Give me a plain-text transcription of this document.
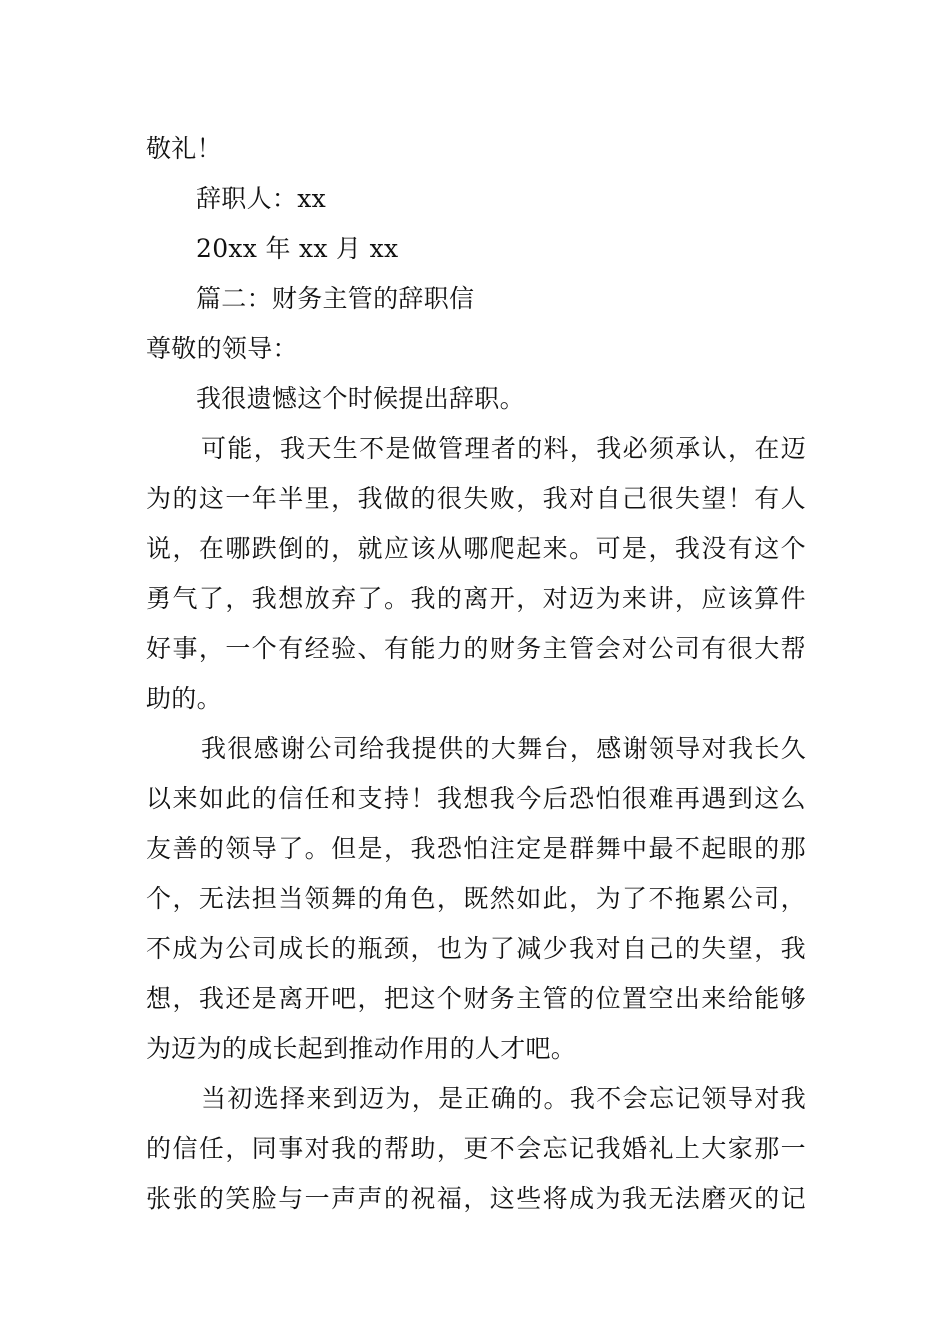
敬礼！

辞职人：xx

20xx 年 xx 月 xx

篇二：财务主管的辞职信

尊敬的领导：

我很遗憾这个时候提出辞职。

可能，我天生不是做管理者的料，我必须承认，在迈

为的这一年半里，我做的很失败，我对自己很失望！有人

说，在哪跌倒的，就应该从哪爬起来。可是，我没有这个

勇气了，我想放弃了。我的离开，对迈为来讲，应该算件

好事，一个有经验、有能力的财务主管会对公司有很大帮

助的。

我很感谢公司给我提供的大舞台，感谢领导对我长久

以来如此的信任和支持！我想我今后恐怕很难再遇到这么

友善的领导了。但是，我恐怕注定是群舞中最不起眼的那

个，无法担当领舞的角色，既然如此，为了不拖累公司，

不成为公司成长的瓶颈，也为了减少我对自己的失望，我

想，我还是离开吧，把这个财务主管的位置空出来给能够

为迈为的成长起到推动作用的人才吧。

当初选择来到迈为，是正确的。我不会忘记领导对我

的信任，同事对我的帮助，更不会忘记我婚礼上大家那一

张张的笑脸与一声声的祝福，这些将成为我无法磨灭的记
